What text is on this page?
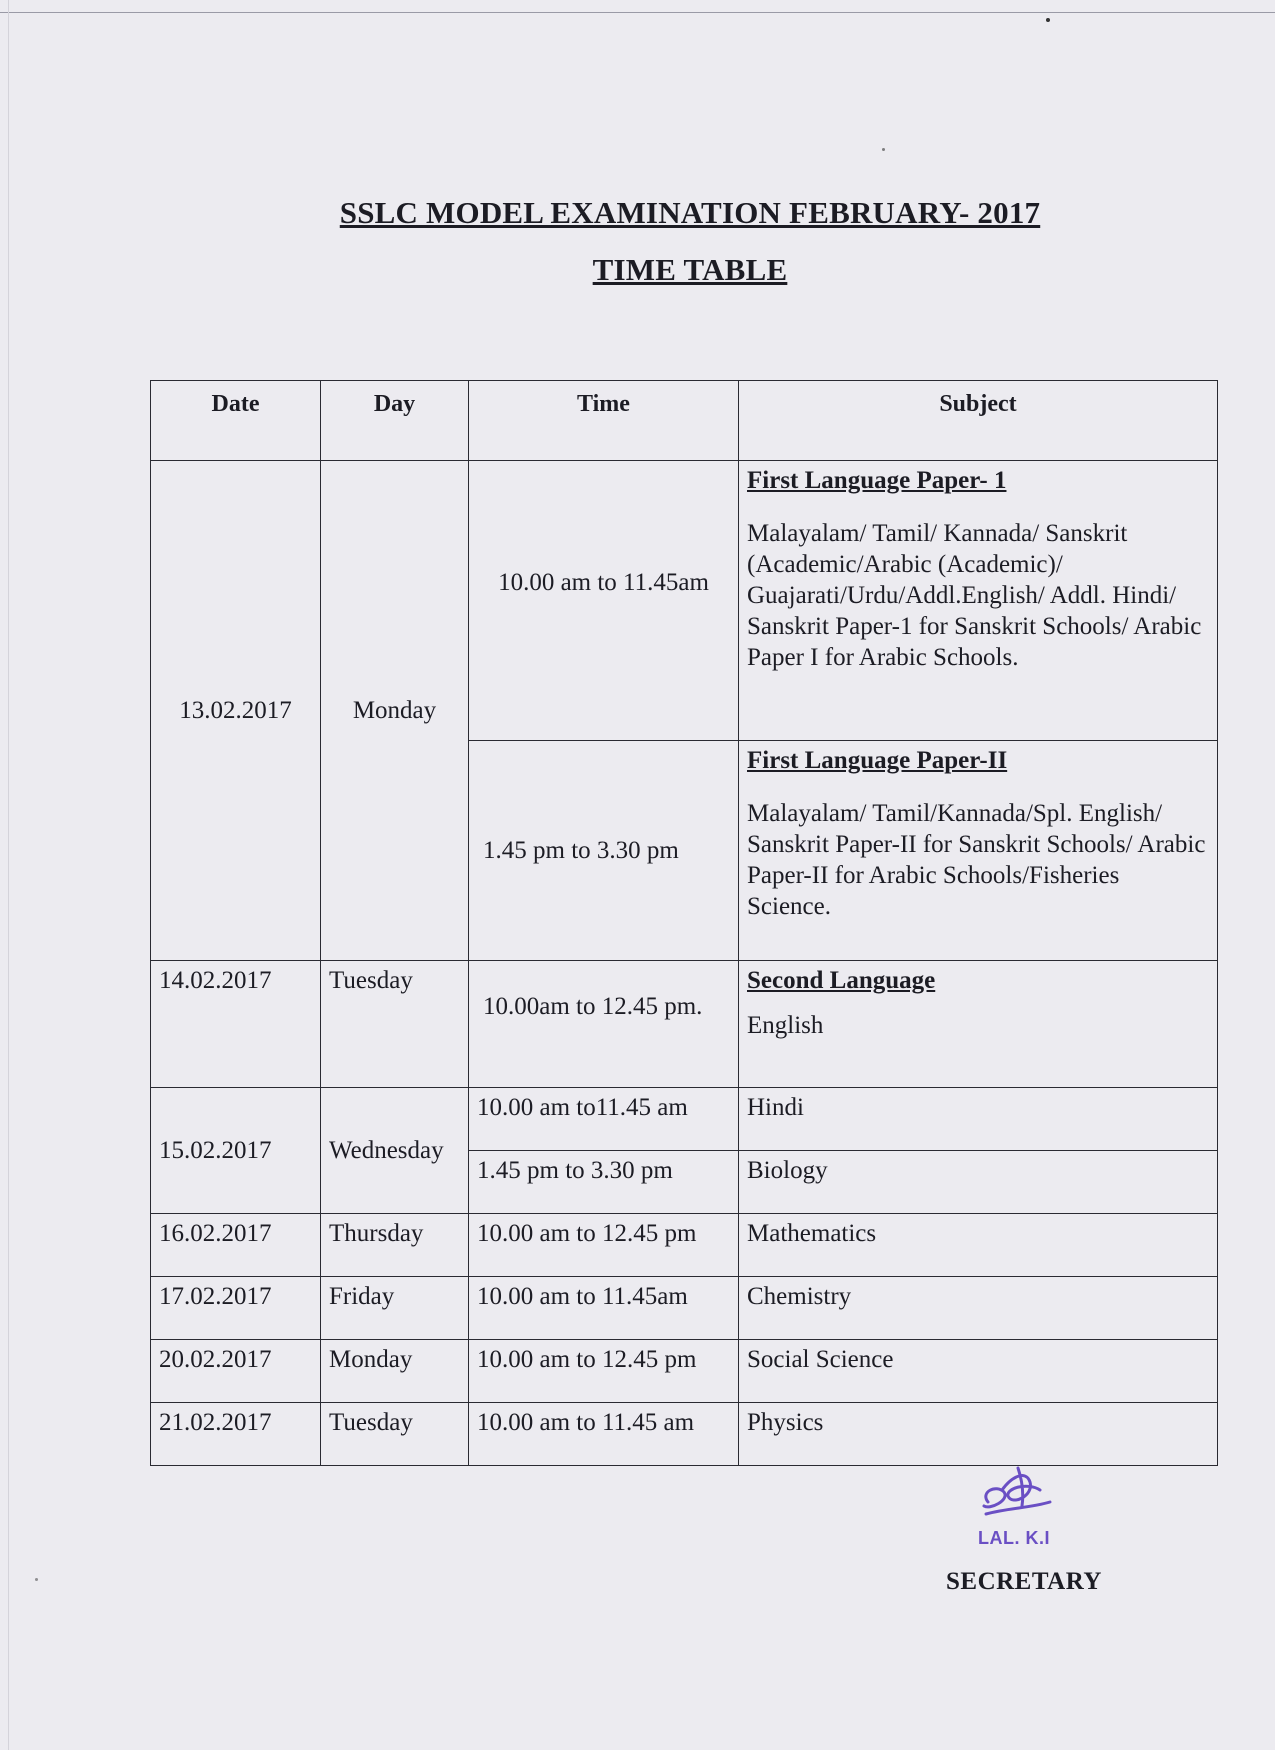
SSLC MODEL EXAMINATION FEBRUARY- 2017
TIME TABLE
Date	Day	Time	Subject
13.02.2017	Monday	10.00 am to 11.45am	First Language Paper- 1
Malayalam/ Tamil/ Kannada/ Sanskrit (Academic/Arabic (Academic)/ Guajarati/Urdu/Addl.English/ Addl. Hindi/ Sanskrit Paper-1 for Sanskrit Schools/ Arabic Paper I for Arabic Schools.

		1.45 pm to 3.30 pm	First Language Paper-II
Malayalam/ Tamil/Kannada/Spl. English/ Sanskrit Paper-II for Sanskrit Schools/ Arabic Paper-II for Arabic Schools/Fisheries Science.

14.02.2017	Tuesday	10.00am to 12.45 pm.	Second Language
English

15.02.2017	Wednesday	10.00 am to11.45 am	Hindi
		1.45 pm to 3.30 pm	Biology
16.02.2017	Thursday	10.00 am to 12.45 pm	Mathematics
17.02.2017	Friday	10.00 am to 11.45am	Chemistry
20.02.2017	Monday	10.00 am to 12.45 pm	Social Science
21.02.2017	Tuesday	10.00 am to 11.45 am	Physics
LAL. K.I
SECRETARY
